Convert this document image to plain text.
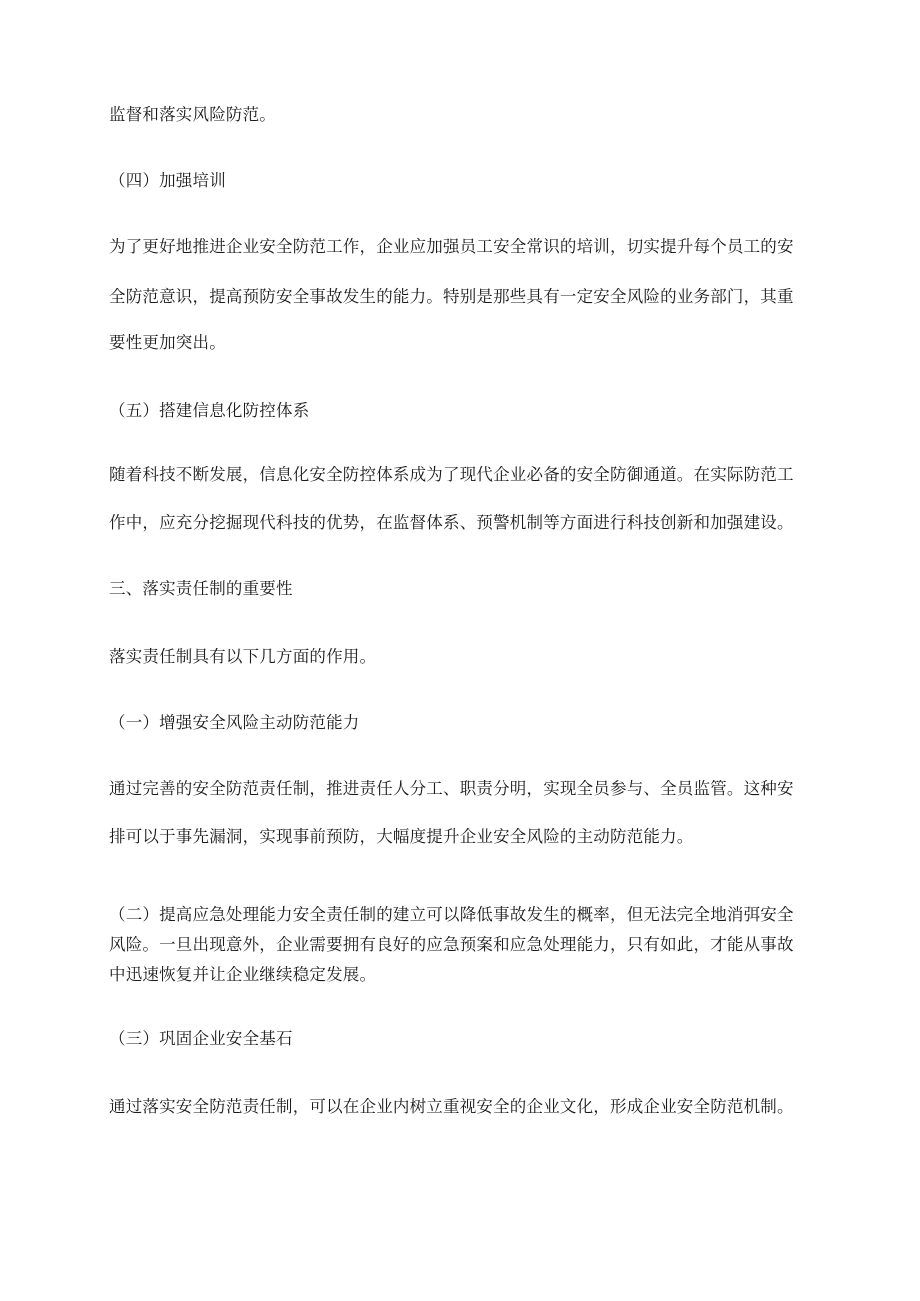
监督和落实风险防范。

（四）加强培训

为了更好地推进企业安全防范工作，企业应加强员工安全常识的培训，切实提升每个员工的安

全防范意识，提高预防安全事故发生的能力。特别是那些具有一定安全风险的业务部门，其重

要性更加突出。

（五）搭建信息化防控体系

随着科技不断发展，信息化安全防控体系成为了现代企业必备的安全防御通道。在实际防范工

作中，应充分挖掘现代科技的优势，在监督体系、预警机制等方面进行科技创新和加强建设。

三、落实责任制的重要性

落实责任制具有以下几方面的作用。

（一）增强安全风险主动防范能力

通过完善的安全防范责任制，推进责任人分工、职责分明，实现全员参与、全员监管。这种安

排可以于事先漏洞，实现事前预防，大幅度提升企业安全风险的主动防范能力。

（二）提高应急处理能力安全责任制的建立可以降低事故发生的概率，但无法完全地消弭安全

风险。一旦出现意外，企业需要拥有良好的应急预案和应急处理能力，只有如此，才能从事故

中迅速恢复并让企业继续稳定发展。

（三）巩固企业安全基石

通过落实安全防范责任制，可以在企业内树立重视安全的企业文化，形成企业安全防范机制。
